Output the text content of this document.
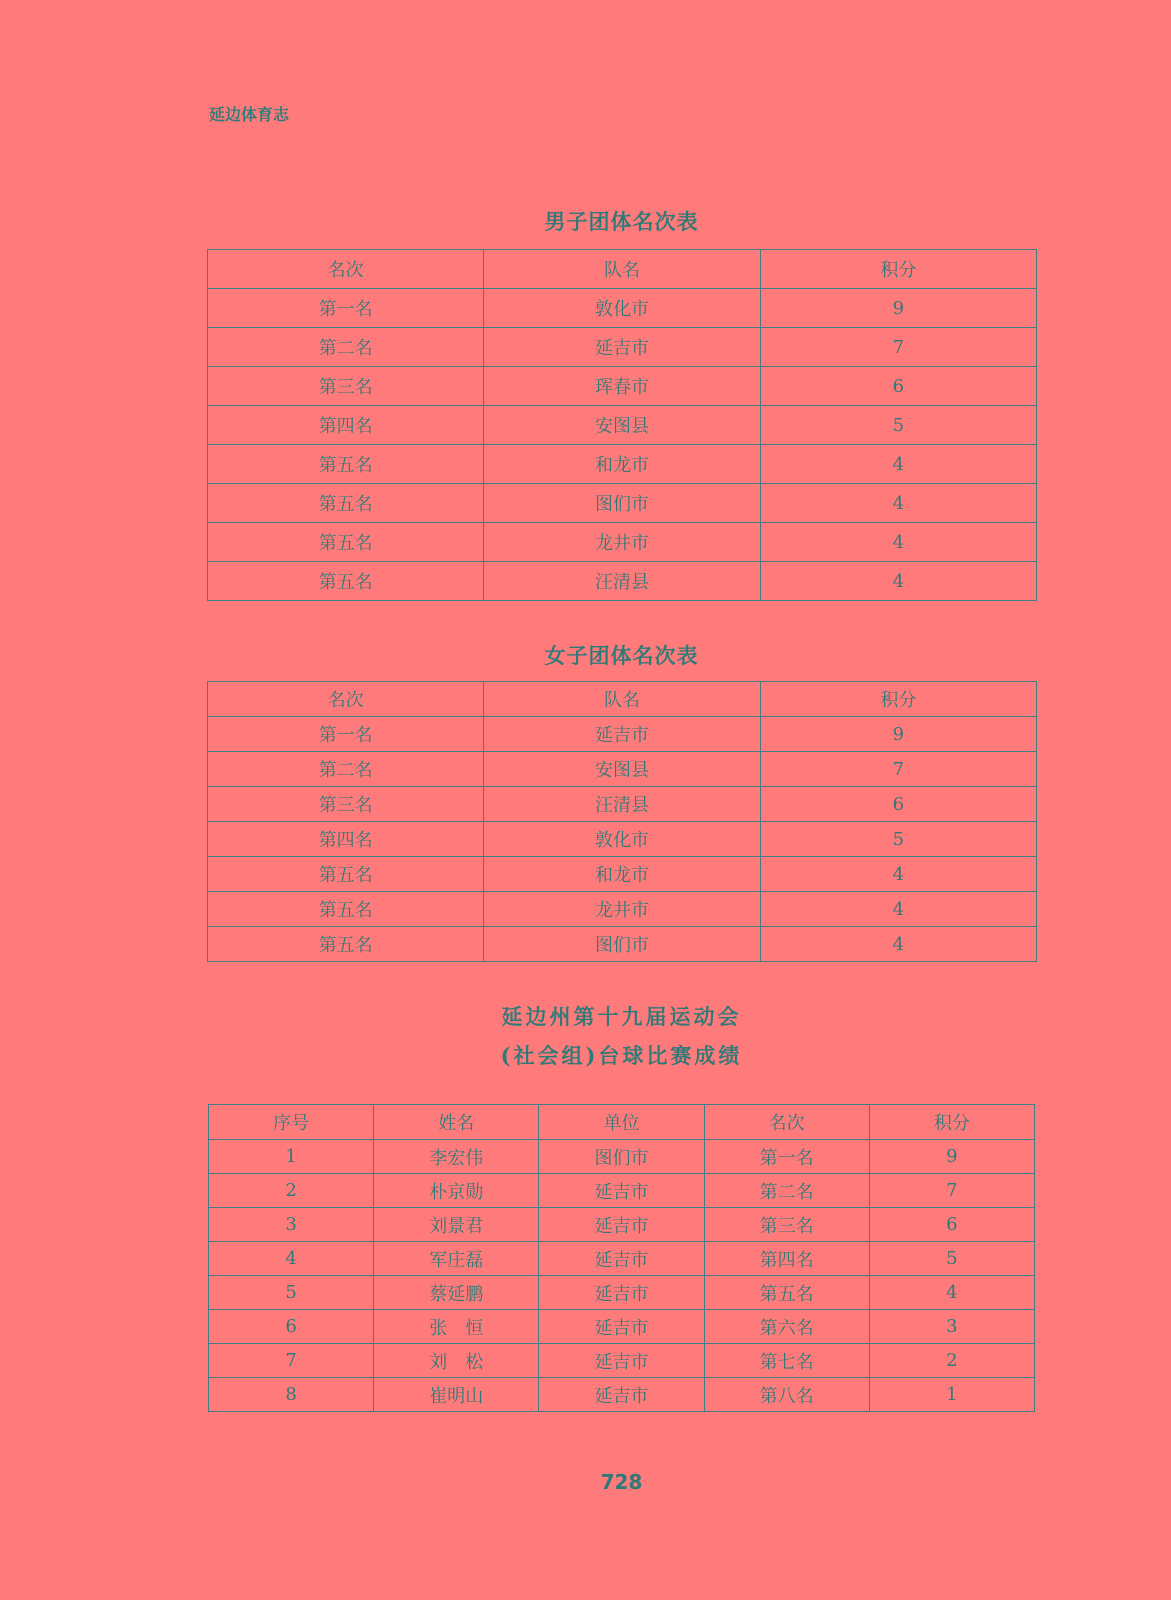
延边体育志
男子团体名次表
名次	队名	积分
第一名	敦化市	9
第二名	延吉市	7
第三名	珲春市	6
第四名	安图县	5
第五名	和龙市	4
第五名	图们市	4
第五名	龙井市	4
第五名	汪清县	4
女子团体名次表
名次	队名	积分
第一名	延吉市	9
第二名	安图县	7
第三名	汪清县	6
第四名	敦化市	5
第五名	和龙市	4
第五名	龙井市	4
第五名	图们市	4
延边州第十九届运动会
(社会组)台球比赛成绩
序号	姓名	单位	名次	积分
1	李宏伟	图们市	第一名	9
2	朴京勋	延吉市	第二名	7
3	刘景君	延吉市	第三名	6
4	军庄磊	延吉市	第四名	5
5	蔡延鹏	延吉市	第五名	4
6	张　恒	延吉市	第六名	3
7	刘　松	延吉市	第七名	2
8	崔明山	延吉市	第八名	1
728
